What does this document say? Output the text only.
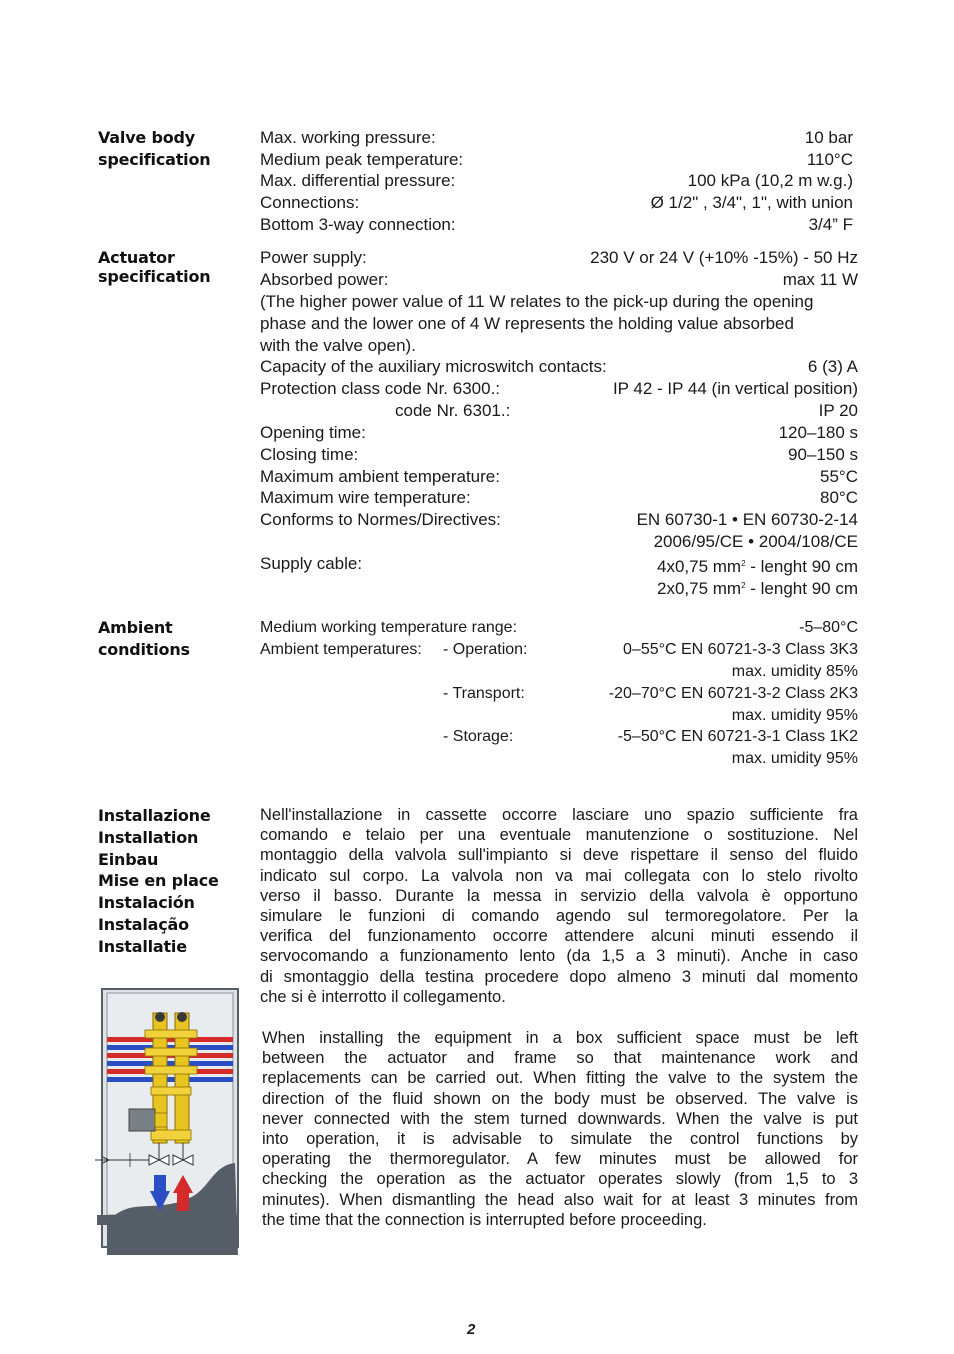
Valve body
specification
Max. working pressure:	10 bar
Medium peak temperature:	110°C
Max. differential pressure:	100 kPa (10,2 m w.g.)
Connections:	Ø 1/2" , 3/4", 1", with union
Bottom 3-way connection:	3/4” F
Actuator
specification
Power supply:	230 V or 24 V (+10% -15%) - 50 Hz
Absorbed power:	max 11 W
(The higher power value of 11 W relates to the pick-up during the opening
phase and the lower one of 4 W represents the holding value absorbed
with the valve open).
Capacity of the auxiliary microswitch contacts:	6 (3) A
Protection class code Nr. 6300.:	IP 42 - IP 44 (in vertical position)
code Nr. 6301.:	IP 20
Opening time:	120–180 s
Closing time:	90–150 s
Maximum ambient temperature:	55°C
Maximum wire temperature:	80°C
Conforms to Normes/Directives:	EN 60730-1 • EN 60730-2-14
2006/95/CE • 2004/108/CE
Supply cable:	4x0,75 $mm^2$ - lenght 90 cm
2x0,75 $mm^2$ - lenght 90 cm
Ambient
conditions
Medium working temperature range:	-5–80°C
Ambient temperatures: - Operation:	0–55°C EN 60721-3-3 Class 3K3
max. umidity 85%
- Transport:	-20–70°C EN 60721-3-2 Class 2K3
max. umidity 95%
- Storage:	-5–50°C EN 60721-3-1 Class 1K2
max. umidity 95%
Installazione
Installation
Einbau
Mise en place
Instalación
Instalação
Installatie
Nell'installazione in cassette occorre lasciare uno spazio sufficiente fra
comando e telaio per una eventuale manutenzione o sostituzione. Nel
montaggio della valvola sull'impianto si deve rispettare il senso del fluido
indicato sul corpo. La valvola non va mai collegata con lo stelo rivolto
verso il basso. Durante la messa in servizio della valvola è opportuno
simulare le funzioni di comando agendo sul termoregolatore. Per la
verifica del funzionamento occorre attendere alcuni minuti essendo il
servocomando a funzionamento lento (da 1,5 a 3 minuti). Anche in caso
di smontaggio della testina procedere dopo almeno 3 minuti dal momento
che si è interrotto il collegamento.
When installing the equipment in a box sufficient space must be left
between the actuator and frame so that maintenance work and
replacements can be carried out. When fitting the valve to the system the
direction of the fluid shown on the body must be observed. The valve is
never connected with the stem turned downwards. When the valve is put
into operation, it is advisable to simulate the control functions by
operating the thermoregulator. A few minutes must be allowed for
checking the operation as the actuator operates slowly (from 1,5 to 3
minutes). When dismantling the head also wait for at least 3 minutes from
the time that the connection is interrupted before proceeding.
2
